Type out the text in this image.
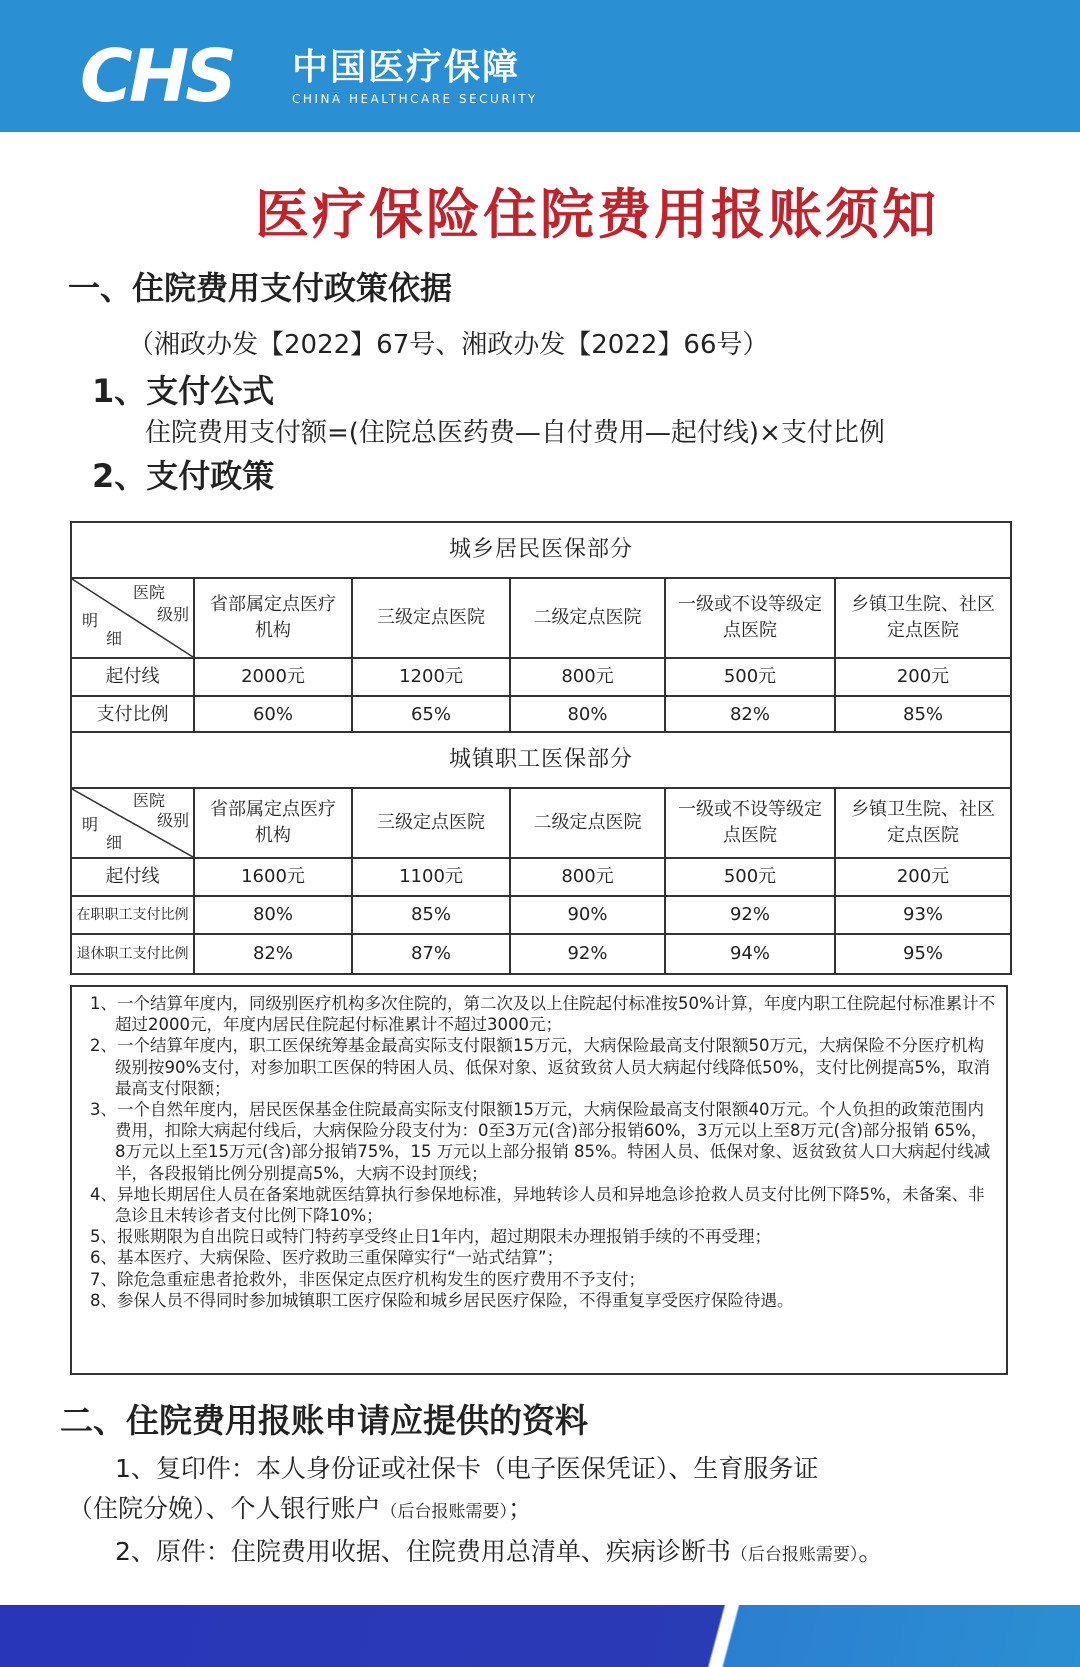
CHS 中国医疗保障
CHINA HEALTHCARE SECURITY
医疗保险住院费用报账须知
一、住院费用支付政策依据
（湘政办发【2022】67号、湘政办发【2022】66号）
1、支付公式
住院费用支付额=(住院总医药费—自付费用—起付线)×支付比例
2、支付政策
城乡居民医保部分					

医院
级别
明
细	省部属定点医疗机构	三级定点医院	二级定点医院	一级或不设等级定点医院	乡镇卫生院、社区定点医院
起付线	2000元	1200元	800元	500元	200元
支付比例	60%	65%	80%	82%	85%
城镇职工医保部分					

医院
级别
明
细	省部属定点医疗机构	三级定点医院	二级定点医院	一级或不设等级定点医院	乡镇卫生院、社区定点医院
起付线	1600元	1100元	800元	500元	200元
在职职工支付比例	80%	85%	90%	92%	93%
退休职工支付比例	82%	87%	92%	94%	95%
1、一个结算年度内，同级别医疗机构多次住院的，第二次及以上住院起付标准按50%计算，年度内职工住院起付标准累计不超过2000元，年度内居民住院起付标准累计不超过3000元；
2、一个结算年度内，职工医保统筹基金最高实际支付限额15万元，大病保险最高支付限额50万元，大病保险不分医疗机构级别按90%支付，对参加职工医保的特困人员、低保对象、返贫致贫人员大病起付线降低50%，支付比例提高5%，取消最高支付限额；
3、一个自然年度内，居民医保基金住院最高实际支付限额15万元，大病保险最高支付限额40万元。个人负担的政策范围内费用，扣除大病起付线后，大病保险分段支付为：0至3万元(含)部分报销60%，3万元以上至8万元(含)部分报销 65%，8万元以上至15万元(含)部分报销75%，15 万元以上部分报销 85%。特困人员、低保对象、返贫致贫人口大病起付线减半，各段报销比例分别提高5%，大病不设封顶线；
4、异地长期居住人员在备案地就医结算执行参保地标准，异地转诊人员和异地急诊抢救人员支付比例下降5%，未备案、非急诊且未转诊者支付比例下降10%；
5、报账期限为自出院日或特门特药享受终止日1年内，超过期限未办理报销手续的不再受理；
6、基本医疗、大病保险、医疗救助三重保障实行“一站式结算”；
7、除危急重症患者抢救外，非医保定点医疗机构发生的医疗费用不予支付；
8、参保人员不得同时参加城镇职工医疗保险和城乡居民医疗保险，不得重复享受医疗保险待遇。
二、住院费用报账申请应提供的资料
1、复印件：本人身份证或社保卡（电子医保凭证）、生育服务证
（住院分娩）、个人银行账户（后台报账需要）；
2、原件：住院费用收据、住院费用总清单、疾病诊断书（后台报账需要）。
